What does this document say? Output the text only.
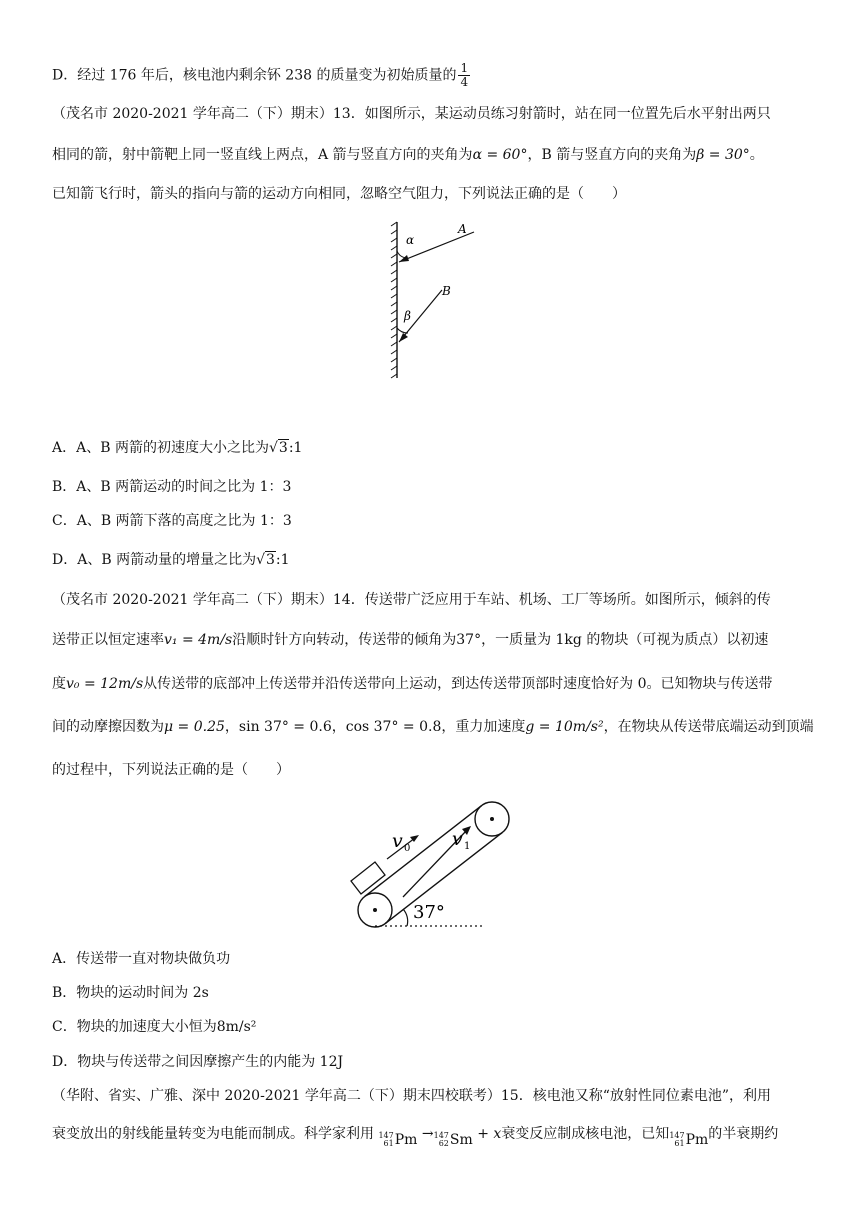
D．经过 176 年后，核电池内剩余钚 238 的质量变为初始质量的 $\frac{1}{4}$
（茂名市 2020-2021 学年高二（下）期末）13．如图所示，某运动员练习射箭时，站在同一位置先后水平射出两只
相同的箭，射中箭靶上同一竖直线上两点，A 箭与竖直方向的夹角为α = 60°，B 箭与竖直方向的夹角为β = 30°。
已知箭飞行时，箭头的指向与箭的运动方向相同，忽略空气阻力，下列说法正确的是（　　）
α
A
β
B
A．A、B 两箭的初速度大小之比为√3:1
B．A、B 两箭运动的时间之比为 1：3
C．A、B 两箭下落的高度之比为 1：3
D．A、B 两箭动量的增量之比为√3:1
（茂名市 2020-2021 学年高二（下）期末）14．传送带广泛应用于车站、机场、工厂等场所。如图所示，倾斜的传
送带正以恒定速率v₁ = 4m/s沿顺时针方向转动，传送带的倾角为37°，一质量为 1kg 的物块（可视为质点）以初速
度v₀ = 12m/s从传送带的底部冲上传送带并沿传送带向上运动，到达传送带顶部时速度恰好为 0。已知物块与传送带
间的动摩擦因数为μ = 0.25，sin 37° = 0.6，cos 37° = 0.8，重力加速度g = 10m/s²，在物块从传送带底端运动到顶端
的过程中，下列说法正确的是（　　）
v 0 v 1
37°
A．传送带一直对物块做负功
B．物块的运动时间为 2s
C．物块的加速度大小恒为8m/s²
D．物块与传送带之间因摩擦产生的内能为 12J
（华附、省实、广雅、深中 2020-2021 学年高二（下）期末四校联考）15．核电池又称“放射性同位素电池”，利用
衰变放出的射线能量转变为电能而制成。科学家利用 147
61 Pm → 147
62 Sm + x衰变反应制成核电池，已知 147
61 Pm 的半衰期约
